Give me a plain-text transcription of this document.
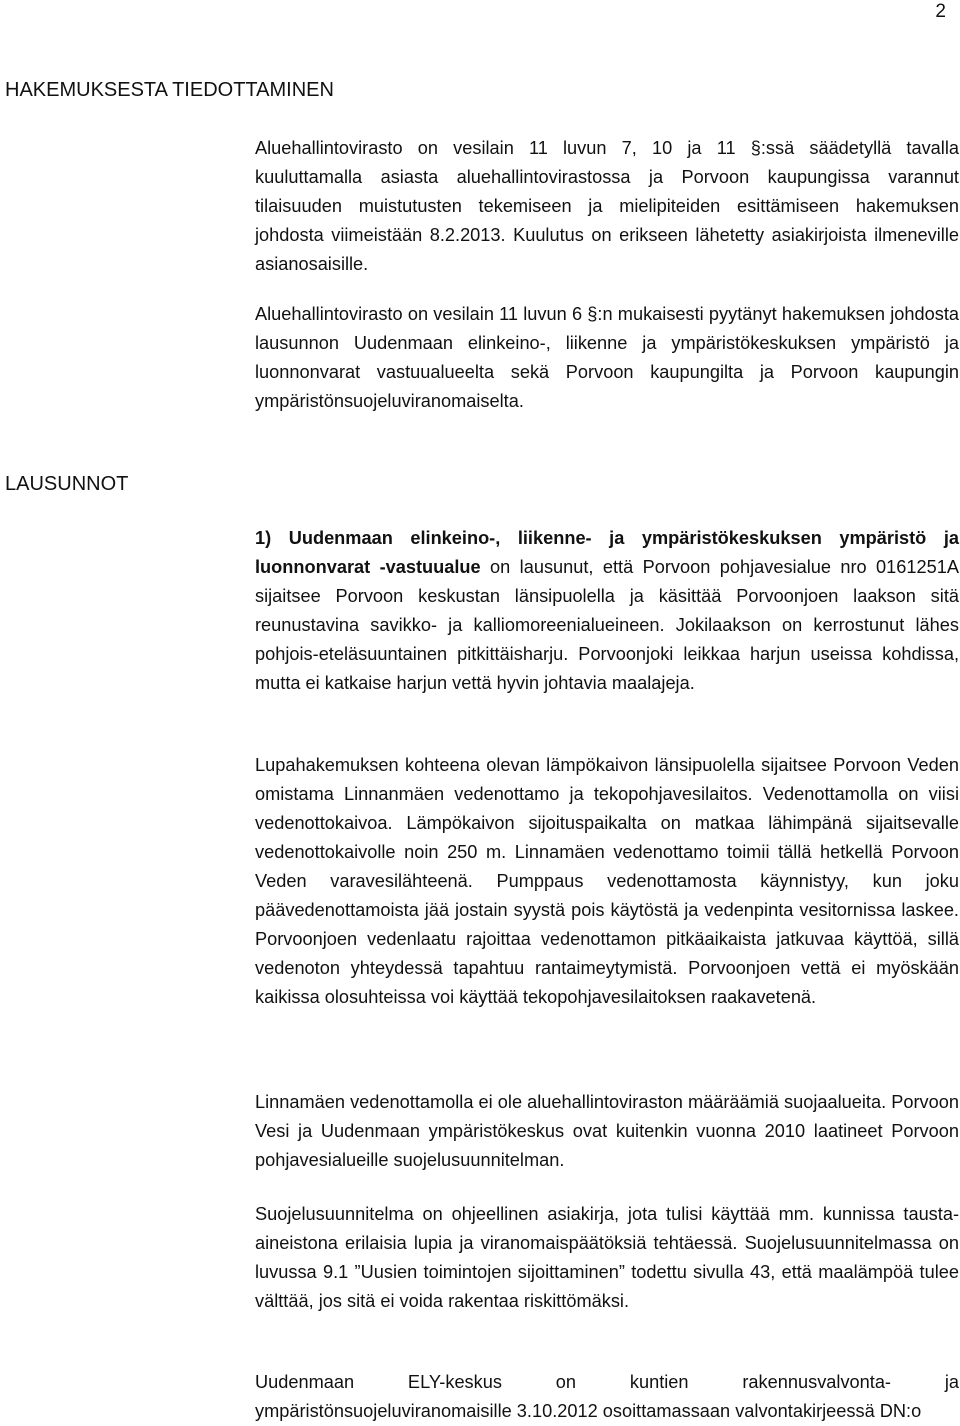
2
HAKEMUKSESTA TIEDOTTAMINEN

Aluehallintovirasto on vesilain 11 luvun 7, 10 ja 11 §:ssä säädetyllä tavalla kuuluttamalla asiasta aluehallintovirastossa ja Porvoon kaupungissa varannut tilaisuuden muistutusten tekemiseen ja mielipiteiden esittämiseen hakemuksen johdosta viimeistään 8.2.2013. Kuulutus on erikseen lähetetty asiakirjoista ilmeneville asianosaisille.

Aluehallintovirasto on vesilain 11 luvun 6 §:n mukaisesti pyytänyt hakemuksen johdosta lausunnon Uudenmaan elinkeino-, liikenne ja ympäristökeskuksen ympäristö ja luonnonvarat vastuualueelta sekä Porvoon kaupungilta ja Porvoon kaupungin ympäristönsuojeluviranomaiselta.

LAUSUNNOT

1) Uudenmaan elinkeino-, liikenne- ja ympäristökeskuksen ympäristö ja luonnonvarat -vastuualue on lausunut, että Porvoon pohjavesialue nro 0161251A sijaitsee Porvoon keskustan länsipuolella ja käsittää Porvoonjoen laakson sitä reunustavina savikko- ja kalliomoreenialueineen. Jokilaakson on kerrostunut lähes pohjois-eteläsuuntainen pitkittäisharju. Porvoonjoki leikkaa harjun useissa kohdissa, mutta ei katkaise harjun vettä hyvin johtavia maalajeja.

Lupahakemuksen kohteena olevan lämpökaivon länsipuolella sijaitsee Porvoon Veden omistama Linnanmäen vedenottamo ja tekopohjavesilaitos. Vedenottamolla on viisi vedenottokaivoa. Lämpökaivon sijoituspaikalta on matkaa lähimpänä sijaitsevalle vedenottokaivolle noin 250 m. Linnamäen vedenottamo toimii tällä hetkellä Porvoon Veden varavesilähteenä. Pumppaus vedenottamosta käynnistyy, kun joku päävedenottamoista jää jostain syystä pois käytöstä ja vedenpinta vesitornissa laskee. Porvoonjoen vedenlaatu rajoittaa vedenottamon pitkäaikaista jatkuvaa käyttöä, sillä vedenoton yhteydessä tapahtuu rantaimeytymistä. Porvoonjoen vettä ei myöskään kaikissa olosuhteissa voi käyttää tekopohjavesilaitoksen raakavetenä.

Linnamäen vedenottamolla ei ole aluehallintoviraston määräämiä suojaalueita. Porvoon Vesi ja Uudenmaan ympäristökeskus ovat kuitenkin vuonna 2010 laatineet Porvoon pohjavesialueille suojelusuunnitelman.

Suojelusuunnitelma on ohjeellinen asiakirja, jota tulisi käyttää mm. kunnissa tausta-aineistona erilaisia lupia ja viranomaispäätöksiä tehtäessä. Suojelusuunnitelmassa on luvussa 9.1 ”Uusien toimintojen sijoittaminen” todettu sivulla 43, että maalämpöä tulee välttää, jos sitä ei voida rakentaa riskittömäksi.

Uudenmaan ELY-keskus on kuntien rakennusvalvonta- ja ympäristönsuojeluviranomaisille 3.10.2012 osoittamassaan valvontakirjeessä DN:o
